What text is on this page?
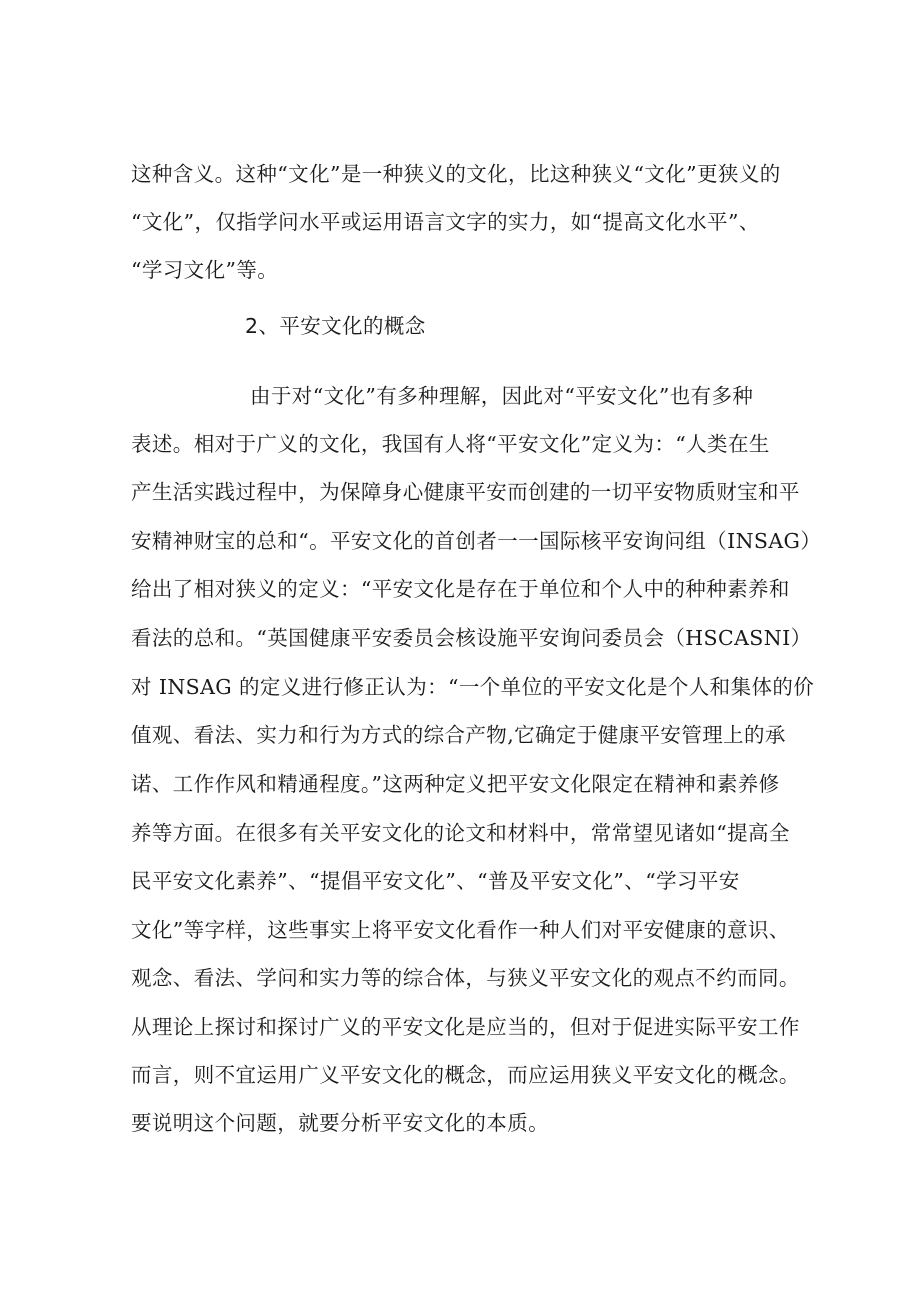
这种含义。这种“文化”是一种狭义的文化，比这种狭义“文化”更狭义的
“文化”，仅指学问水平或运用语言文字的实力，如“提高文化水平”、
“学习文化”等。
2、平安文化的概念
由于对“文化”有多种理解，因此对“平安文化”也有多种
表述。相对于广义的文化，我国有人将“平安文化”定义为：“人类在生
产生活实践过程中，为保障身心健康平安而创建的一切平安物质财宝和平
安精神财宝的总和“。平安文化的首创者一一国际核平安询问组（INSAG）
给出了相对狭义的定义：“平安文化是存在于单位和个人中的种种素养和
看法的总和。“英国健康平安委员会核设施平安询问委员会（HSCASNI）
对 INSAG 的定义进行修正认为：“一个单位的平安文化是个人和集体的价
值观、看法、实力和行为方式的综合产物,它确定于健康平安管理上的承
诺、工作作风和精通程度。”这两种定义把平安文化限定在精神和素养修
养等方面。在很多有关平安文化的论文和材料中，常常望见诸如“提高全
民平安文化素养”、“提倡平安文化”、“普及平安文化”、“学习平安
文化”等字样，这些事实上将平安文化看作一种人们对平安健康的意识、
观念、看法、学问和实力等的综合体，与狭义平安文化的观点不约而同。
从理论上探讨和探讨广义的平安文化是应当的，但对于促进实际平安工作
而言，则不宜运用广义平安文化的概念，而应运用狭义平安文化的概念。
要说明这个问题，就要分析平安文化的本质。
